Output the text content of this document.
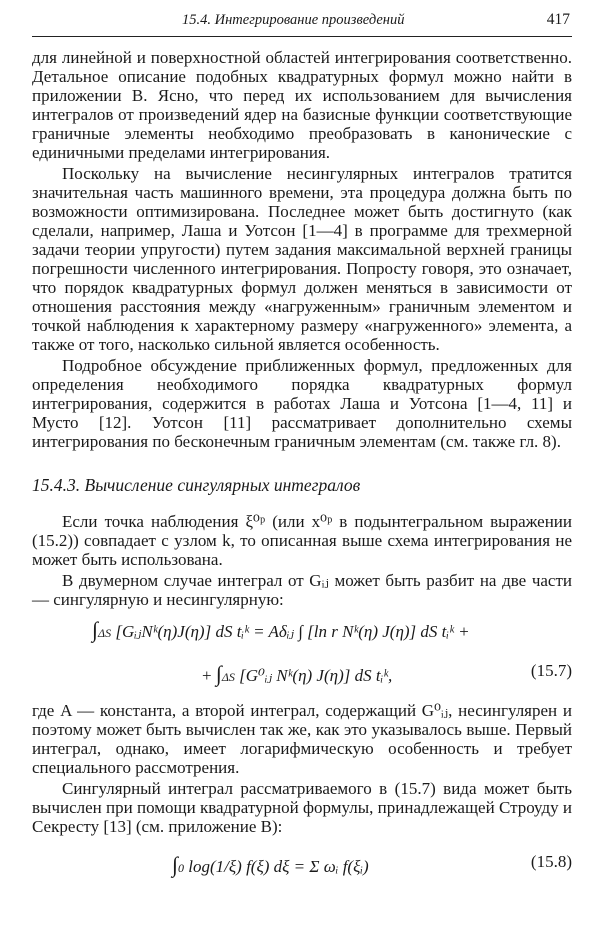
15.4. Интегрирование произведений	417

для линейной и поверхностной областей интегрирования соответственно. Детальное описание подобных квадратурных формул можно найти в приложении В. Ясно, что перед их использованием для вычисления интегралов от произведений ядер на базисные функции соответствующие граничные элементы необходимо преобразовать в канонические с единичными пределами интегрирования.

Поскольку на вычисление несингулярных интегралов тратится значительная часть машинного времени, эта процедура должна быть по возможности оптимизирована. Последнее может быть достигнуто (как сделали, например, Лаша и Уотсон [1—4] в программе для трехмерной задачи теории упругости) путем задания максимальной верхней границы погрешности численного интегрирования. Попросту говоря, это означает, что порядок квадратурных формул должен меняться в зависимости от отношения расстояния между «нагруженным» граничным элементом и точкой наблюдения к характерному размеру «нагруженного» элемента, а также от того, насколько сильной является особенность.

Подробное обсуждение приближенных формул, предложенных для определения необходимого порядка квадратурных формул интегрирования, содержится в работах Лаша и Уотсона [1—4, 11] и Мусто [12]. Уотсон [11] рассматривает дополнительно схемы интегрирования по бесконечным граничным элементам (см. также гл. 8).

15.4.3. Вычисление сингулярных интегралов

Если точка наблюдения ξ⁰ᵖ (или x⁰ᵖ в подынтегральном выражении (15.2)) совпадает с узлом k, то описанная выше схема интегрирования не может быть использована.

В двумерном случае интеграл от Gᵢⱼ может быть разбит на две части — сингулярную и несингулярную:

∫ΔS [GᵢⱼNᵏ(η)J(η)] dS tᵢᵏ = Aδᵢⱼ ∫ [ln r Nᵏ(η) J(η)] dS tᵢᵏ +
+ ∫ΔS [G⁰ᵢⱼ Nᵏ(η) J(η)] dS tᵢᵏ,	(15.7)

где A — константа, а второй интеграл, содержащий G⁰ᵢⱼ, несингулярен и поэтому может быть вычислен так же, как это указывалось выше. Первый интеграл, однако, имеет логарифмическую особенность и требует специального рассмотрения.

Сингулярный интеграл рассматриваемого в (15.7) вида может быть вычислен при помощи квадратурной формулы, принадлежащей Строуду и Секресту [13] (см. приложение В):

∫0 log(1/ξ) f(ξ) dξ = Σ ωᵢ f(ξᵢ)	(15.8)
